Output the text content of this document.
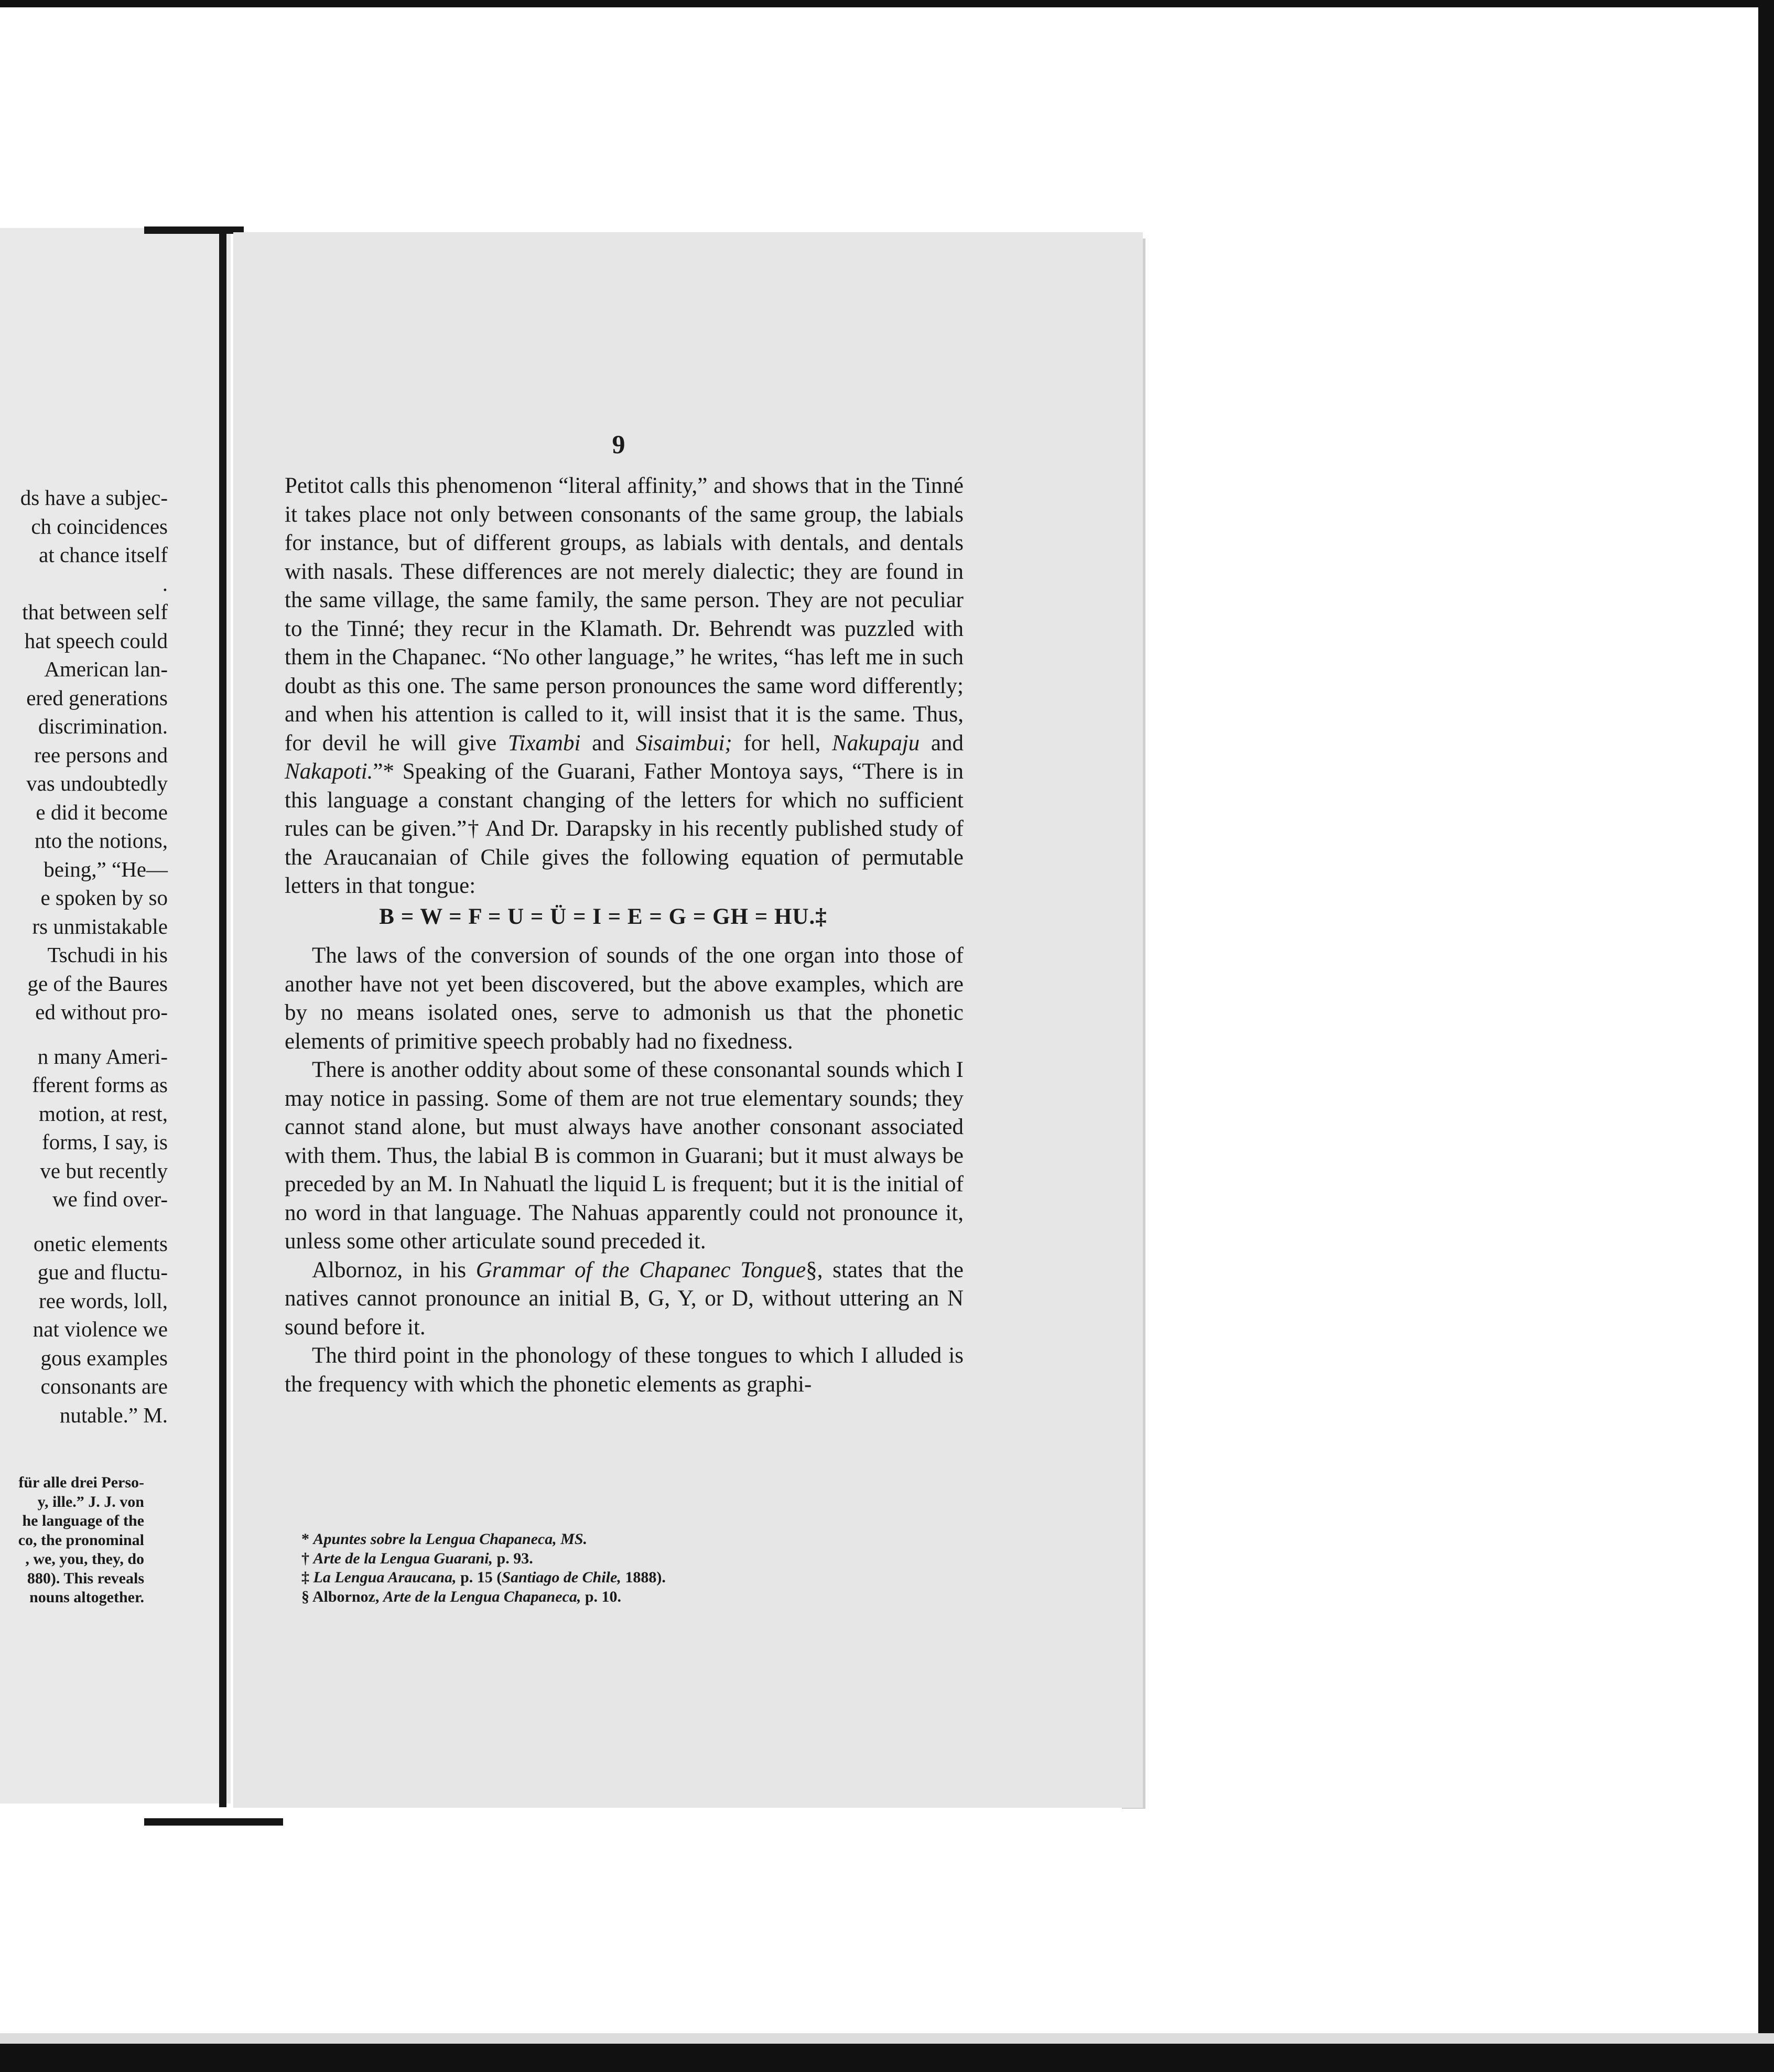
ds have a subjec-
ch coincidences
at chance itself
.
that between self
hat speech could
American lan-
ered generations
discrimination.
ree persons and
vas undoubtedly
e did it become
nto the notions,
being,” “He—
e spoken by so
rs unmistakable
Tschudi in his
ge of the Baures
ed without pro-
n many Ameri-
fferent forms as
motion, at rest,
forms, I say, is
ve but recently
we find over-
onetic elements
gue and fluctu-
ree words, loll,
nat violence we
gous examples
consonants are
nutable.” M.
für alle drei Perso-
y, ille.” J. J. von
he language of the
co, the pronominal
, we, you, they, do
880). This reveals
nouns altogether.
9

Petitot calls this phenomenon “literal affinity,” and shows that in the Tinné it takes place not only between consonants of the same group, the labials for instance, but of different groups, as labials with dentals, and dentals with nasals. These differences are not merely dialectic; they are found in the same village, the same family, the same person. They are not peculiar to the Tinné; they recur in the Klamath. Dr. Behrendt was puzzled with them in the Chapanec. “No other language,” he writes, “has left me in such doubt as this one. The same person pronounces the same word differently; and when his attention is called to it, will insist that it is the same. Thus, for devil he will give Tixambi and Sisaimbui; for hell, Nakupaju and Nakapoti.”* Speaking of the Guarani, Father Montoya says, “There is in this language a constant changing of the letters for which no sufficient rules can be given.”† And Dr. Darapsky in his recently published study of the Araucanaian of Chile gives the following equation of permutable letters in that tongue:

B = W = F = U = Ü = I = E = G = GH = HU.‡

The laws of the conversion of sounds of the one organ into those of another have not yet been discovered, but the above examples, which are by no means isolated ones, serve to admonish us that the phonetic elements of primitive speech probably had no fixedness.

There is another oddity about some of these consonantal sounds which I may notice in passing. Some of them are not true elementary sounds; they cannot stand alone, but must always have another consonant associated with them. Thus, the labial B is common in Guarani; but it must always be preceded by an M. In Nahuatl the liquid L is frequent; but it is the initial of no word in that language. The Nahuas apparently could not pronounce it, unless some other articulate sound preceded it.

Albornoz, in his Grammar of the Chapanec Tongue§, states that the natives cannot pronounce an initial B, G, Y, or D, without uttering an N sound before it.

The third point in the phonology of these tongues to which I alluded is the frequency with which the phonetic elements as graphi-

* Apuntes sobre la Lengua Chapaneca, MS.
† Arte de la Lengua Guarani, p. 93.
‡ La Lengua Araucana, p. 15 (Santiago de Chile, 1888).
§ Albornoz, Arte de la Lengua Chapaneca, p. 10.
